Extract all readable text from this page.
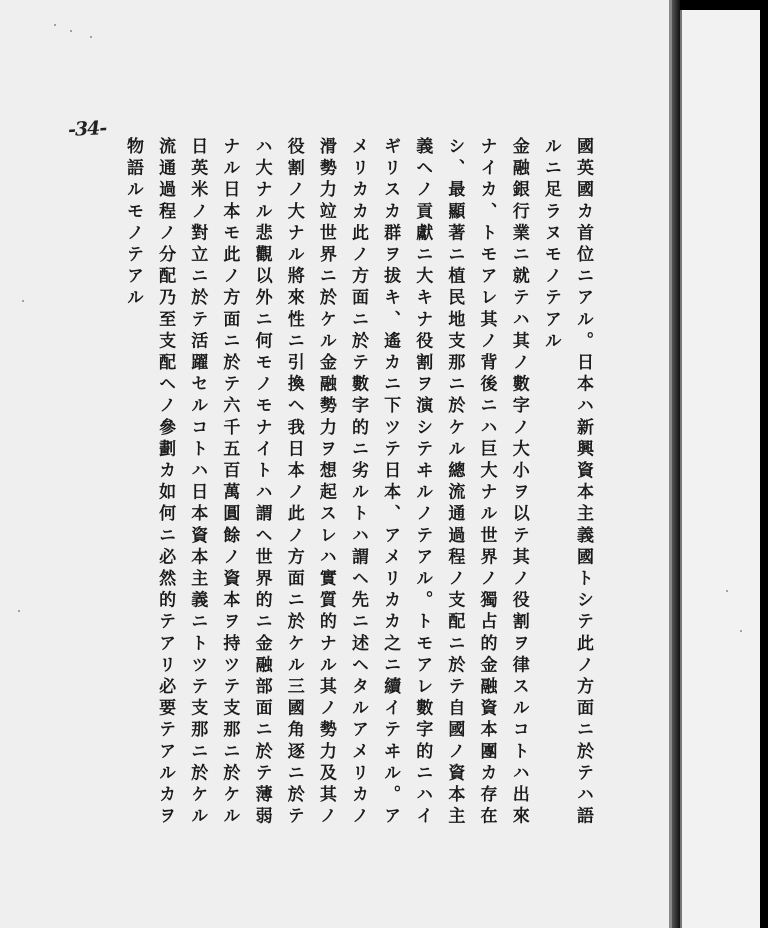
-34-
國英國カ首位ニアル。日本ハ新興資本主義國トシテ此ノ方面ニ於テハ語
ルニ足ラヌモノテアル
金融銀行業ニ就テハ其ノ數字ノ大小ヲ以テ其ノ役割ヲ律スルコトハ出來
ナイカ、トモアレ其ノ背後ニハ巨大ナル世界ノ獨占的金融資本團カ存在
シ、最顯著ニ植民地支那ニ於ケル總流通過程ノ支配ニ於テ自國ノ資本主
義ヘノ貢獻ニ大キナ役割ヲ演シテヰルノテアル。トモアレ數字的ニハイ
ギリスカ群ヲ拔キ、遙カニ下ツテ日本、アメリカカ之ニ續イテヰル。ア
メリカカ此ノ方面ニ於テ數字的ニ劣ルトハ謂ヘ先ニ述ヘタルアメリカノ
滑勢力竝世界ニ於ケル金融勢力ヲ想起スレハ實質的ナル其ノ勢力及其ノ
役割ノ大ナル將來性ニ引換ヘ我日本ノ此ノ方面ニ於ケル三國角逐ニ於テ
ハ大ナル悲觀以外ニ何モノモナイトハ謂ヘ世界的ニ金融部面ニ於テ薄弱
ナル日本モ此ノ方面ニ於テ六千五百萬圓餘ノ資本ヲ持ツテ支那ニ於ケル
日英米ノ對立ニ於テ活躍セルコトハ日本資本主義ニトツテ支那ニ於ケル
流通過程ノ分配乃至支配ヘノ參劃カ如何ニ必然的テアリ必要テアルカヲ
物語ルモノテアル
